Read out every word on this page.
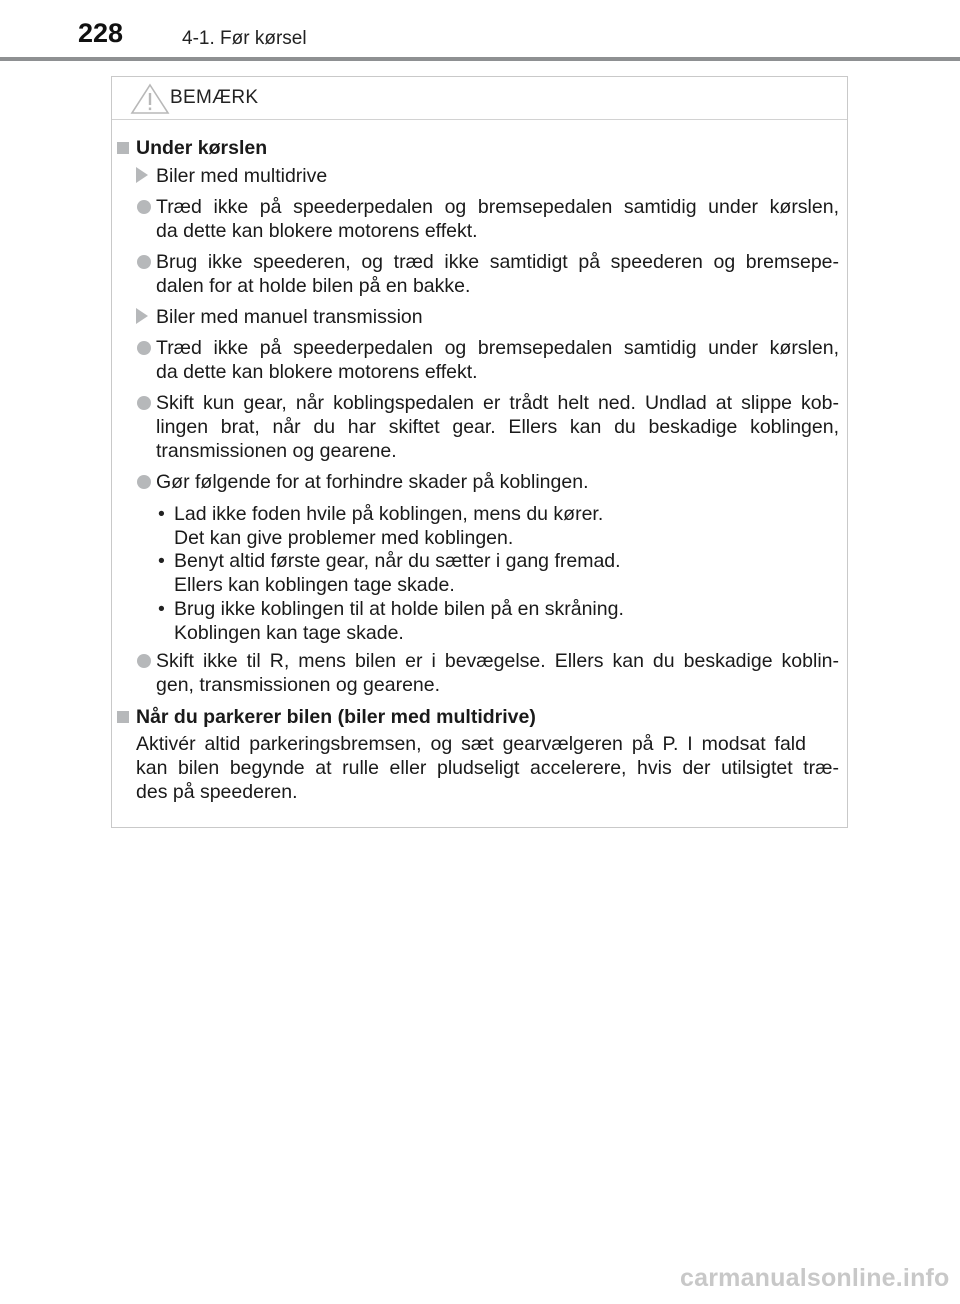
228	4-1. Før kørsel
BEMÆRK
Under kørslen
Biler med multidrive
Træd ikke på speederpedalen og bremsepedalen samtidig under kørslen,
da dette kan blokere motorens effekt.
Brug ikke speederen, og træd ikke samtidigt på speederen og bremsepe-
dalen for at holde bilen på en bakke.
Biler med manuel transmission
Træd ikke på speederpedalen og bremsepedalen samtidig under kørslen,
da dette kan blokere motorens effekt.
Skift kun gear, når koblingspedalen er trådt helt ned. Undlad at slippe kob-
lingen brat, når du har skiftet gear. Ellers kan du beskadige koblingen,
transmissionen og gearene.
Gør følgende for at forhindre skader på koblingen.
• Lad ikke foden hvile på koblingen, mens du kører.
Det kan give problemer med koblingen.
• Benyt altid første gear, når du sætter i gang fremad.
Ellers kan koblingen tage skade.
• Brug ikke koblingen til at holde bilen på en skråning.
Koblingen kan tage skade.
Skift ikke til R, mens bilen er i bevægelse. Ellers kan du beskadige koblin-
gen, transmissionen og gearene.
Når du parkerer bilen (biler med multidrive)
Aktivér altid parkeringsbremsen, og sæt gearvælgeren på P. I modsat fald
kan bilen begynde at rulle eller pludseligt accelerere, hvis der utilsigtet træ-
des på speederen.
carmanualsonline.info
